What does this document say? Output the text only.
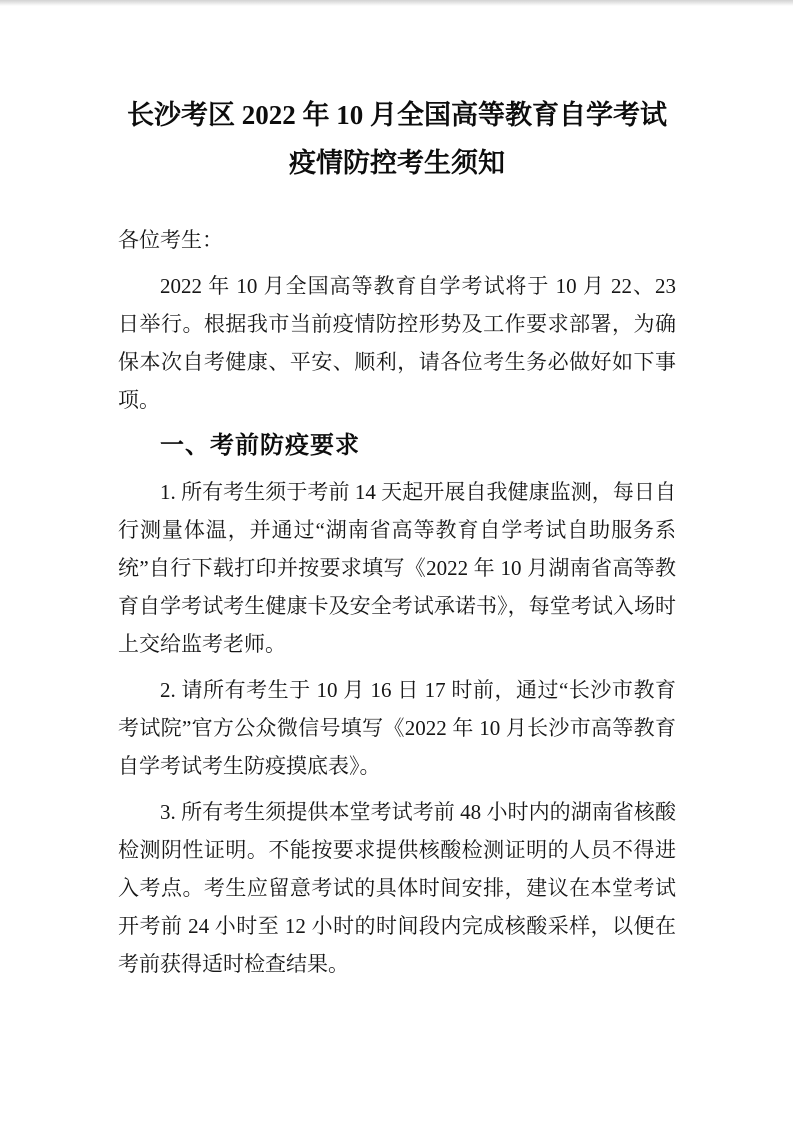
长沙考区 2022 年 10 月全国高等教育自学考试
疫情防控考生须知

各位考生：

2022 年 10 月全国高等教育自学考试将于 10 月 22、23 日举行。根据我市当前疫情防控形势及工作要求部署，为确保本次自考健康、平安、顺利，请各位考生务必做好如下事项。

一、考前防疫要求

1. 所有考生须于考前 14 天起开展自我健康监测，每日自行测量体温，并通过“湖南省高等教育自学考试自助服务系统”自行下载打印并按要求填写《2022 年 10 月湖南省高等教育自学考试考生健康卡及安全考试承诺书》，每堂考试入场时上交给监考老师。

2. 请所有考生于 10 月 16 日 17 时前，通过“长沙市教育考试院”官方公众微信号填写《2022 年 10 月长沙市高等教育自学考试考生防疫摸底表》。

3. 所有考生须提供本堂考试考前 48 小时内的湖南省核酸检测阴性证明。不能按要求提供核酸检测证明的人员不得进入考点。考生应留意考试的具体时间安排，建议在本堂考试开考前 24 小时至 12 小时的时间段内完成核酸采样，以便在考前获得适时检查结果。
